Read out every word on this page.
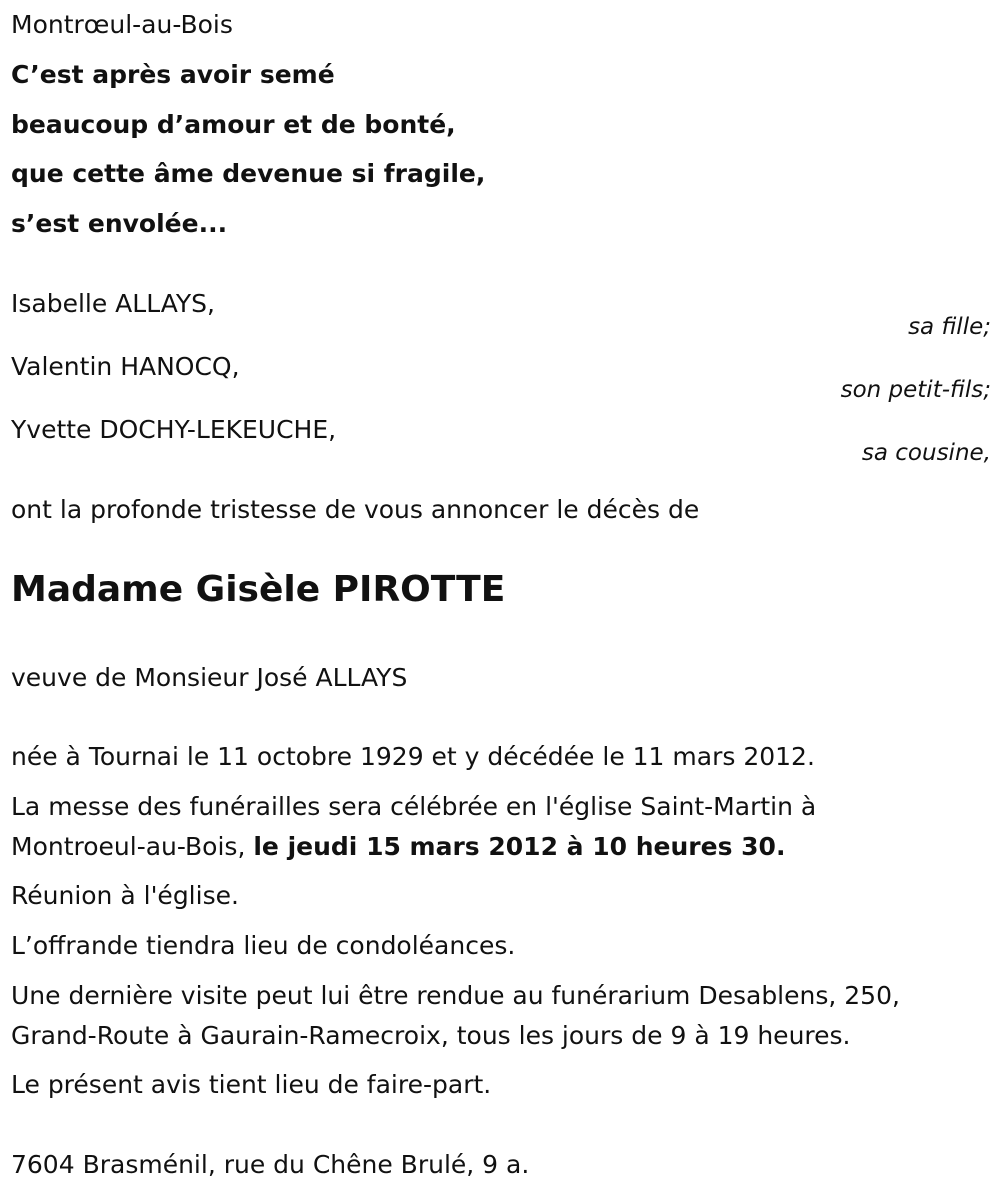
Montrœul-au-Bois
C’est après avoir semé
beaucoup d’amour et de bonté,
que cette âme devenue si fragile,
s’est envolée...
Isabelle ALLAYS,
sa fille;
Valentin HANOCQ,
son petit-fils;
Yvette DOCHY-LEKEUCHE,
sa cousine,
ont la profonde tristesse de vous annoncer le décès de
Madame Gisèle PIROTTE
veuve de Monsieur José ALLAYS
née à Tournai le 11 octobre 1929 et y décédée le 11 mars 2012.
La messe des funérailles sera célébrée en l'église Saint-Martin à
Montroeul-au-Bois, le jeudi 15 mars 2012 à 10 heures 30.
Réunion à l'église.
L’offrande tiendra lieu de condoléances.
Une dernière visite peut lui être rendue au funérarium Desablens, 250,
Grand-Route à Gaurain-Ramecroix, tous les jours de 9 à 19 heures.
Le présent avis tient lieu de faire-part.
7604 Brasménil, rue du Chêne Brulé, 9 a.
